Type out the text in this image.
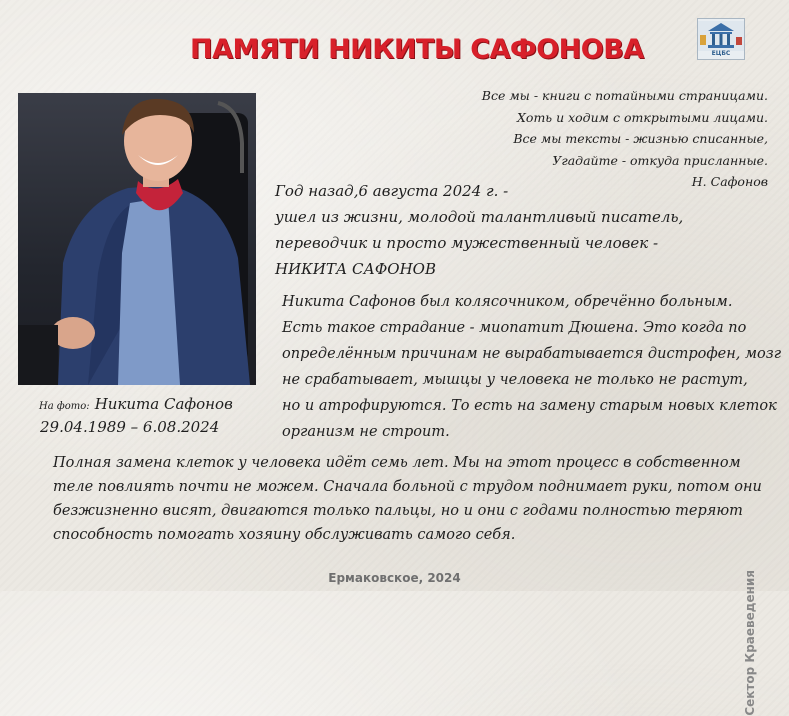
ПАМЯТИ НИКИТЫ САФОНОВА	ЕЦБС
На фото: Никита Сафонов
29.04.1989 – 6.08.2024
Все мы - книги с потайными страницами.
Хоть и ходим с открытыми лицами.
Все мы тексты - жизнью списанные,
Угадайте - откуда присланные.
Н. Сафонов
Год назад,6 августа 2024 г. -
ушел из жизни, молодой талантливый писатель,
переводчик и просто мужественный человек -
НИКИТА САФОНОВ
Никита Сафонов был колясочником, обречённо больным.
Есть такое страдание - миопатит Дюшена. Это когда по
определённым причинам не вырабатывается дистрофен, мозг
не срабатывает, мышцы у человека не только не растут,
но и атрофируются. То есть на замену старым новых клеток
организм не строит.
Полная замена клеток у человека идёт семь лет. Мы на этот процесс в собственном
теле повлиять почти не можем. Сначала больной с трудом поднимает руки, потом они
безжизненно висят, двигаются только пальцы, но и они с годами полностью теряют
способность помогать хозяину обслуживать самого себя.
Сектор Краеведения
Ермаковское, 2024
